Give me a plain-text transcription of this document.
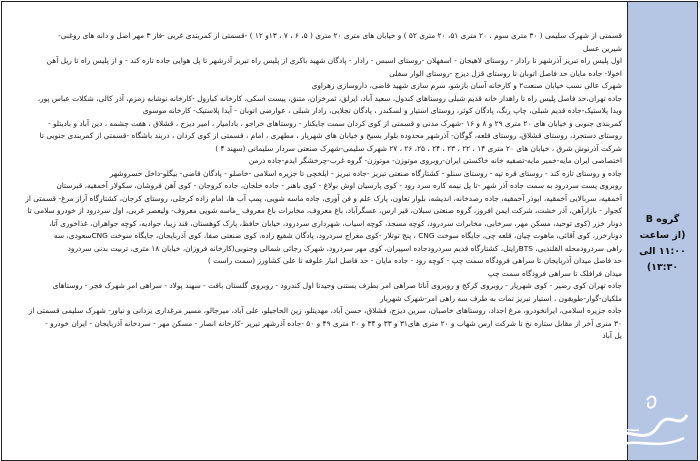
گروه B
(از ساعت ۱۱:۰۰ الی
۱۳:۳۰)
قسمتی از شهرک سلیمی ( ۳۰ متری سوم ، ۲۰ متری ۵۱، ۲۰ متری ۵۲ ) و خیابان های متری ۲۰ متری ( ۵، ۶ ، ۷ ، ۱۳و ۱۲ ) -قسمتی از کمربندی غربی -فاز ۳ مهر اصل و دانه های روغنی-
شیرین عسل
اول پلیس راه تبریز آذرشهر تا رادار - روستای لاهیجان - اسفهلان -روستای اسبس - رادار - پادگان شهید باکری از پلیس راه تبریز آذرشهر تا پل هوایی جاده تازه کند - و از پلیس راه تا ریل آهن
اخولا- جاده مایان حد فاصل اتوبان تا روستای قزل دیزج -روستای الوار سفلی
شهرک عالی نسب خیابان صنعت۲ و کارخانه آسان بازشو، سرم سازی شهید قاضی، داروسازی زهراوی
جاده تهران،حد فاصل پلیس راه تا راهدار خانه قدیم شبلی روستاهای کندول، سعید آباد، ایرلق، ثمرخزان، متنق، پیست اسکی، کارخانه کبارول -کارخانه نوشابه زمزم، آذر کالی، شکلات عباس پور،
ویدا پلاستیک-جاده قدیم شبلی، چاپ رنگ، پادگان کوثر، روستای استیار و لسکندر ، پادگان تجلایی، رادار شبلی ، عوارضی اتوبان - آیدا پلاستیک- کارخانه موسوی
کمربندی جنوبی و خیابان های ۲۰ متری ۲۹ و ۸ و ۱۶ -شهرک مدنی و قسمتی از کوی کردان سمت جایکنار - روستاهای خراجو ، بادامیار ، امیر دیزج ، قشلاق ، هفت چشمه ، دین آباد و بادیتلو -
روستای دستجرد، روستای قشلاق، روستای قلعه، گوگان- آذرشهر محدوده بلوار بسیج و خیابان های شهریار ، مطهری ، امام ، قسمتی از کوی کردان ، دربند باشگاه -قسمتی از کمربندی جنوبی تا
شرکت آذرنوش شرق ، خیابان های ۲۰ متری ۱۴ ، ۲۲ ، ۲۳ ، ۲۴ ، ۲۵، ۲۶ ، ۲۷ شهرک سلیمی-شهرک صنعتی سردار سلیمانی (سهند ۴ )
اختصاصی ایران مایه-خمیر مایه-تصفیه خانه خاکستی ایران-روبروی موتوزن- موتوزن- گروه غرب-چرخشگر ایدم-جاده درمن
جاده و روستای تازه کند - روستای قره تپه - روستای سنلو - کشتارگاه صنعتی تبریز -جاده تبریز - ایلخچی تا جزیره اسلامی -خاصلو - پادگان قاضی- بیگلو-داخل خسروشهر
روبروی پست سردرود به سمت جاده آذر شهر -تا پل نیمه کاره سرد رود - کوی پارسیان اوش بولاغ - کوی باهنر - جاده خلجان، جاده کروجان - کوی آهن فروشان، سکولار آخمقیه، قبرستان
آخمقیه، سربالایی آخمقیه، ابوذر آخمقیه، جاده رصدخانه، اندیشه، بلوار تعاون، پارک علم و فن آوری، جاده ماسه شویی، پمپ آب ها، امام زاده کرجلی، روستای کرجان، کشتارگاه آراز مرغ- قسمتی از
کجوار - بازارآهن، آذر خشت، شرکت ایمن افروز، گروه صنعتی سبلان، قیر ارس، عسگرآباد، باغ معروف، مخابرات باغ معروف _ماسه شویی معروف- ولیعصر غربی، اول سردرود از خودرو سلامی تا
دونار خزر (کوی توحید، مسکن مهر، سرخابی، مخابرات سردرود، کوچه مسجد، کوچه اسیاب، شهرداری سردرود، خیابان حافظ، پارک کوهستان، قند زیبا، جوادیه، کوچه جواهران، غذاخوری آتا،
دونارخزر، کوی آقائی، ماهوت چیان، قلعه چی، جایگاه سوخت CNG ، پنج توتلار -کوی معراج سردرود، پادگان شفیع زاده، کوی صنعتی صفا، کوی آذربایجان، جایگاه سوخت CNGسعودی، سه
راهی سردرودمحله القلندیی، BTSرایتل، کشتارگاه قدیم سردرودجاده اسپیران، کوی مهر سردرود، شهرک رجائی شمالی وجنوبی(کارخانه فروزان، خیابان ۱۸ متری، تربیت بدنی سردرود
حد فاصل میدان آذربایجان تا سراهی فرودگاه سمت چپ - کوچه رود - جاده مایان - حد فاصل انبار علوفه تا علی کشاورز (سمت راست )
میدان فرافلک تا سراهی فرودگاه سمت چپ
جاده تهران کوی رضیر - کوی شهریار - روبروی کرکج و روبروی آناتا صراهی امر بطرف بستنی وحیدتا اول کندرود - روبروی گلستان بافت - سهند پولاد - سراهی امر شهرک فجر - روستاهای
ملکیان-گوار-طویقون ، استیار تبریز تمات به طرف سه راهی امر-شهرک شهریار
جاده جزیره اسلامی، ایرانخودرو، مرغ اجداد، روستاهای خاصبان، سرین دیزج، قشلاق، حسن آباد، مهدیتلو، زین الحاجیلو، علی آباد، میرجالو، مسیر مرغداری یزدانی و نیاور- شهرک سلیمی قسمتی از
۳۰ متری آخر از مقابل ستاره نخ تا شرکت ارس شهاب و ۲۰ متری های۳۱ و ۳۳ و ۳۴ و ۲۰ متری ۴۹ و ۵۰ -جاده آذرشهر تبریز -کارخانه انصار - مسکن مهر - سردخانه آذربایجان - ایران خودرو -
یل آباد
